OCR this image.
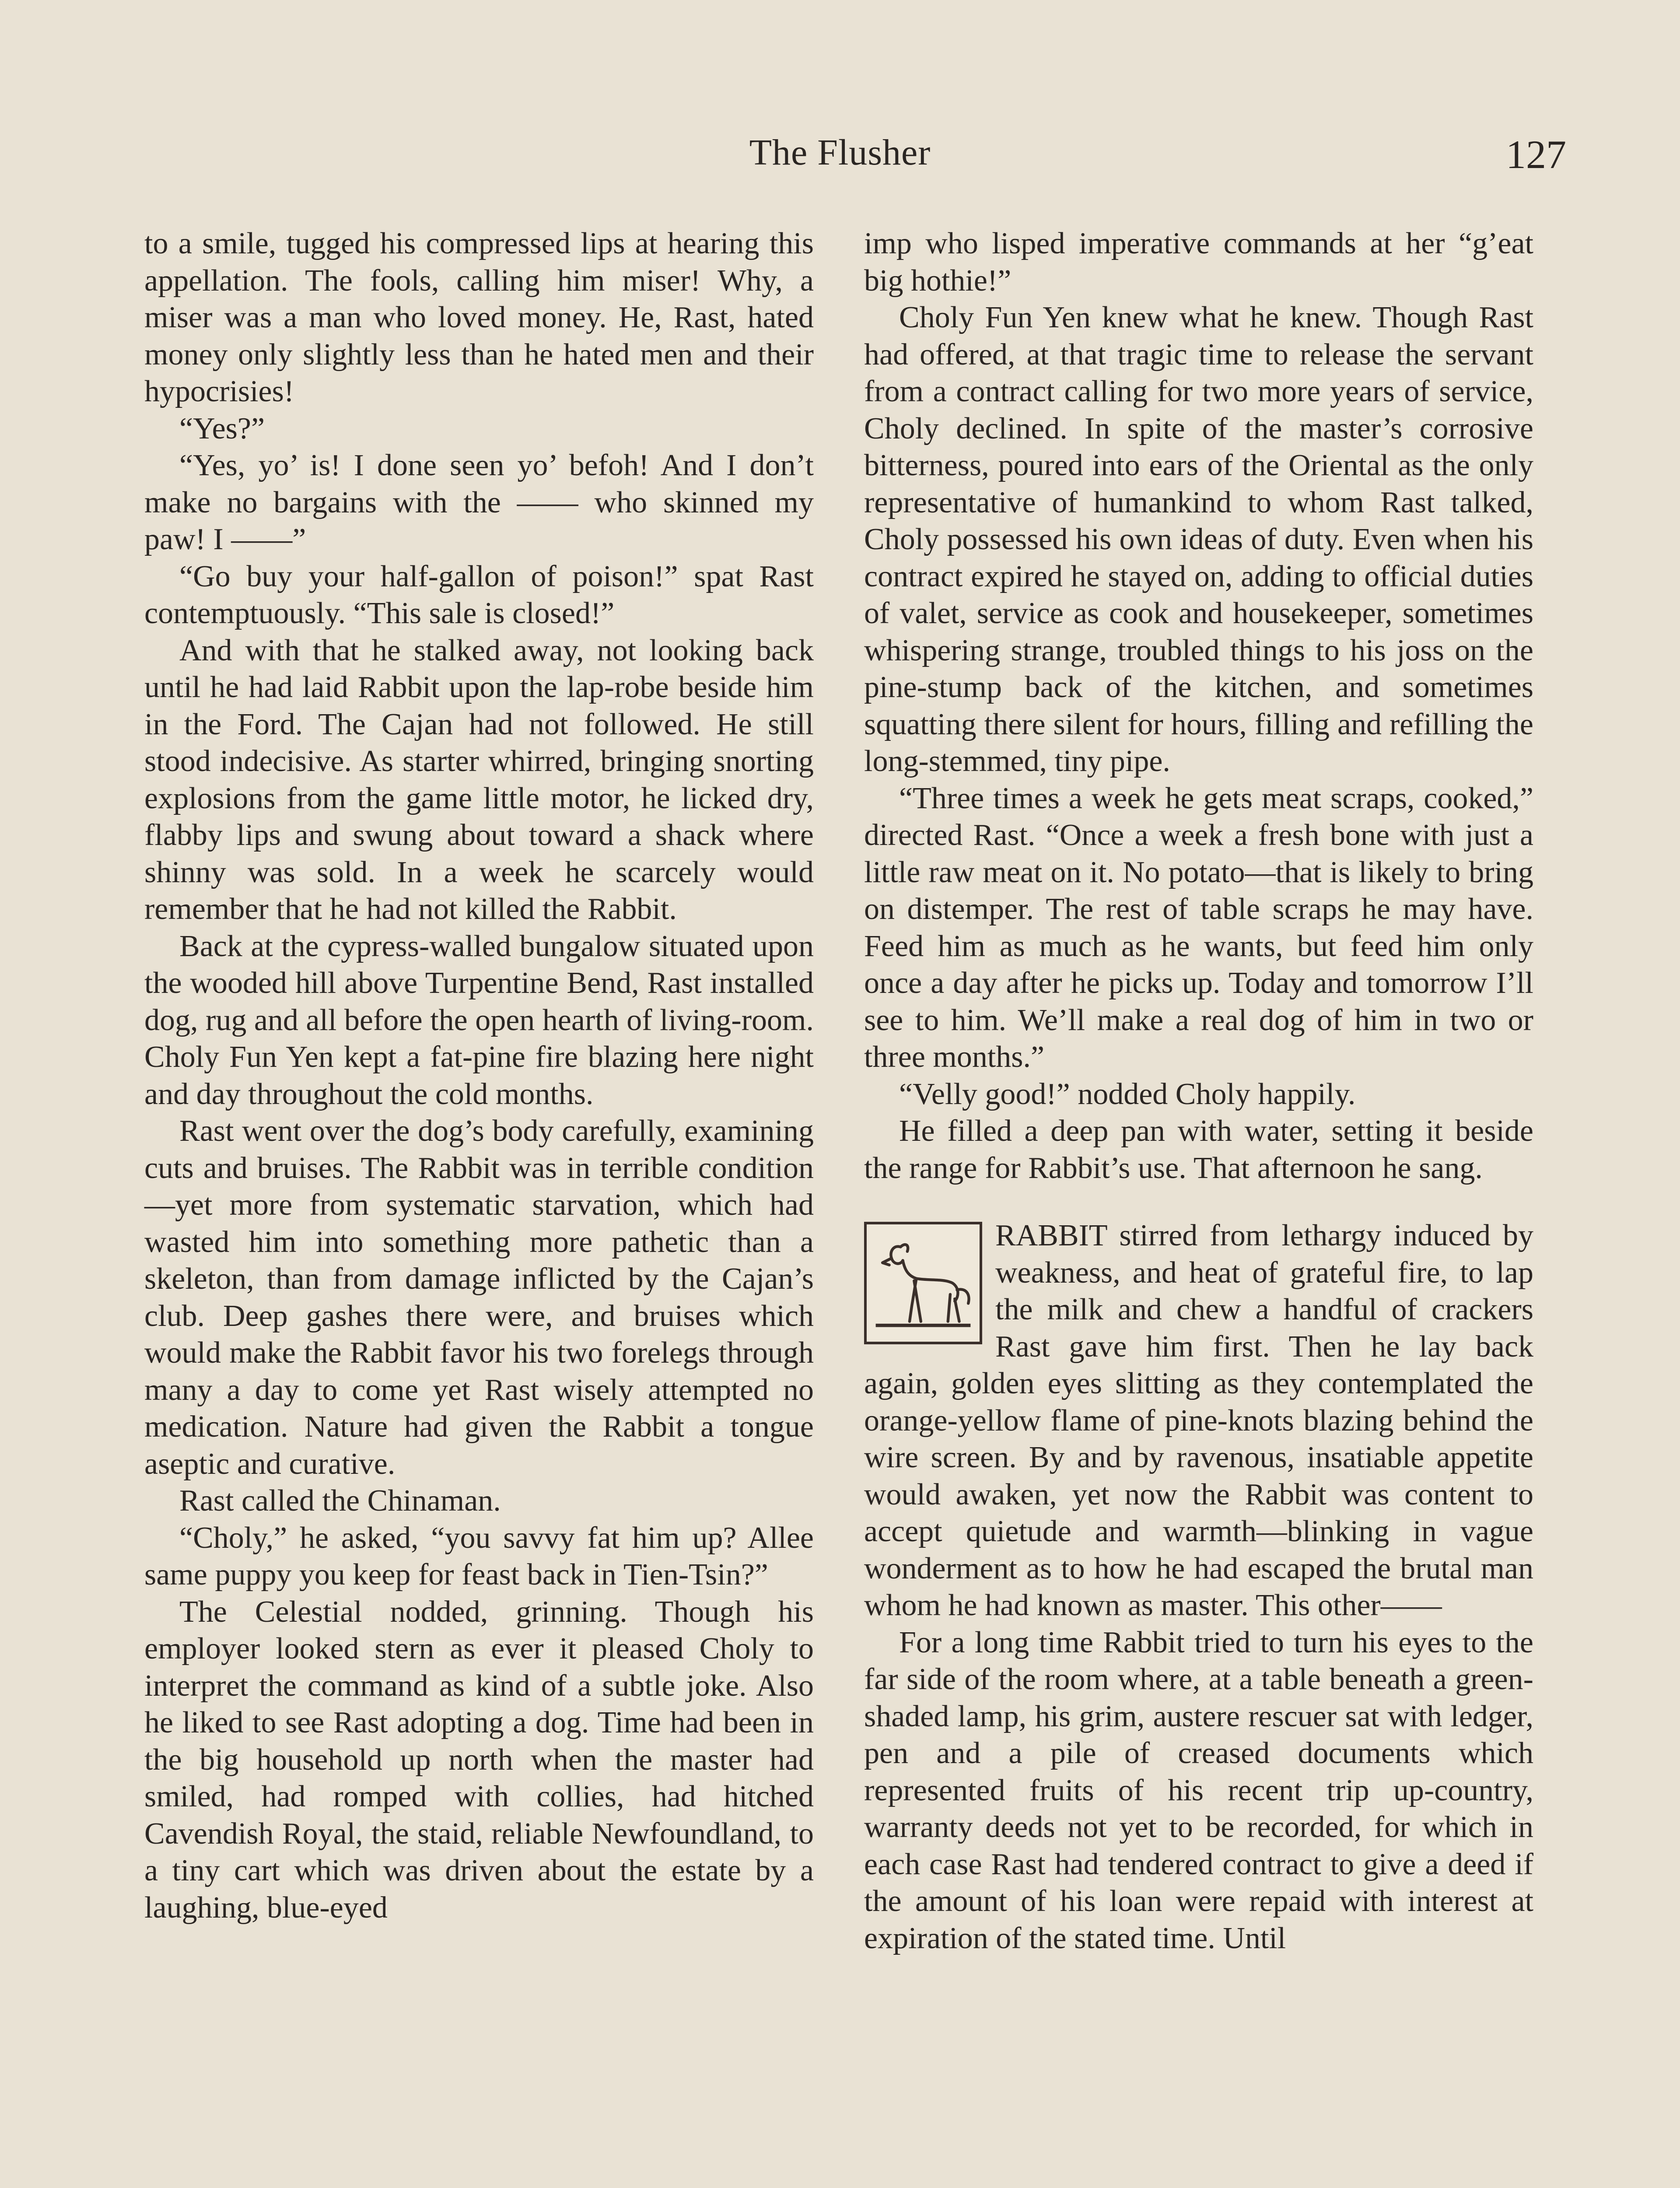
The Flusher	127

to a smile, tugged his compressed lips at hearing this appellation. The fools, calling him miser! Why, a miser was a man who loved money. He, Rast, hated money only slightly less than he hated men and their hypocrisies!

“Yes?”

“Yes, yo’ is! I done seen yo’ befoh! And I don’t make no bargains with the —— who skinned my paw! I ——”

“Go buy your half-gallon of poison!” spat Rast contemptuously. “This sale is closed!”

And with that he stalked away, not looking back until he had laid Rabbit upon the lap-robe beside him in the Ford. The Cajan had not followed. He still stood indecisive. As starter whirred, bringing snorting explosions from the game little motor, he licked dry, flabby lips and swung about toward a shack where shinny was sold. In a week he scarcely would remember that he had not killed the Rabbit.

Back at the cypress-walled bungalow situated upon the wooded hill above Turpentine Bend, Rast installed dog, rug and all before the open hearth of living-room. Choly Fun Yen kept a fat-pine fire blazing here night and day throughout the cold months.

Rast went over the dog’s body carefully, examining cuts and bruises. The Rabbit was in terrible condition—yet more from systematic starvation, which had wasted him into something more pathetic than a skeleton, than from damage inflicted by the Cajan’s club. Deep gashes there were, and bruises which would make the Rabbit favor his two forelegs through many a day to come yet Rast wisely attempted no medication. Nature had given the Rabbit a tongue aseptic and curative.

Rast called the Chinaman.

“Choly,” he asked, “you savvy fat him up? Allee same puppy you keep for feast back in Tien-Tsin?”

The Celestial nodded, grinning. Though his employer looked stern as ever it pleased Choly to interpret the command as kind of a subtle joke. Also he liked to see Rast adopting a dog. Time had been in the big household up north when the master had smiled, had romped with collies, had hitched Cavendish Royal, the staid, reliable Newfoundland, to a tiny cart which was driven about the estate by a laughing, blue-eyed

imp who lisped imperative commands at her “g’eat big hothie!”

Choly Fun Yen knew what he knew. Though Rast had offered, at that tragic time to release the servant from a contract calling for two more years of service, Choly declined. In spite of the master’s corrosive bitterness, poured into ears of the Oriental as the only representative of humankind to whom Rast talked, Choly possessed his own ideas of duty. Even when his contract expired he stayed on, adding to official duties of valet, service as cook and housekeeper, sometimes whispering strange, troubled things to his joss on the pine-stump back of the kitchen, and sometimes squatting there silent for hours, filling and refilling the long-stemmed, tiny pipe.

“Three times a week he gets meat scraps, cooked,” directed Rast. “Once a week a fresh bone with just a little raw meat on it. No potato—that is likely to bring on distemper. The rest of table scraps he may have. Feed him as much as he wants, but feed him only once a day after he picks up. Today and tomorrow I’ll see to him. We’ll make a real dog of him in two or three months.”

“Velly good!” nodded Choly happily.

He filled a deep pan with water, setting it beside the range for Rabbit’s use. That afternoon he sang.

RABBIT stirred from lethargy induced by weakness, and heat of grateful fire, to lap the milk and chew a handful of crackers Rast gave him first. Then he lay back again, golden eyes slitting as they contemplated the orange-yellow flame of pine-knots blazing behind the wire screen. By and by ravenous, insatiable appetite would awaken, yet now the Rabbit was content to accept quietude and warmth—blinking in vague wonderment as to how he had escaped the brutal man whom he had known as master. This other——

For a long time Rabbit tried to turn his eyes to the far side of the room where, at a table beneath a green-shaded lamp, his grim, austere rescuer sat with ledger, pen and a pile of creased documents which represented fruits of his recent trip up-country, warranty deeds not yet to be recorded, for which in each case Rast had tendered contract to give a deed if the amount of his loan were repaid with interest at expiration of the stated time. Until
